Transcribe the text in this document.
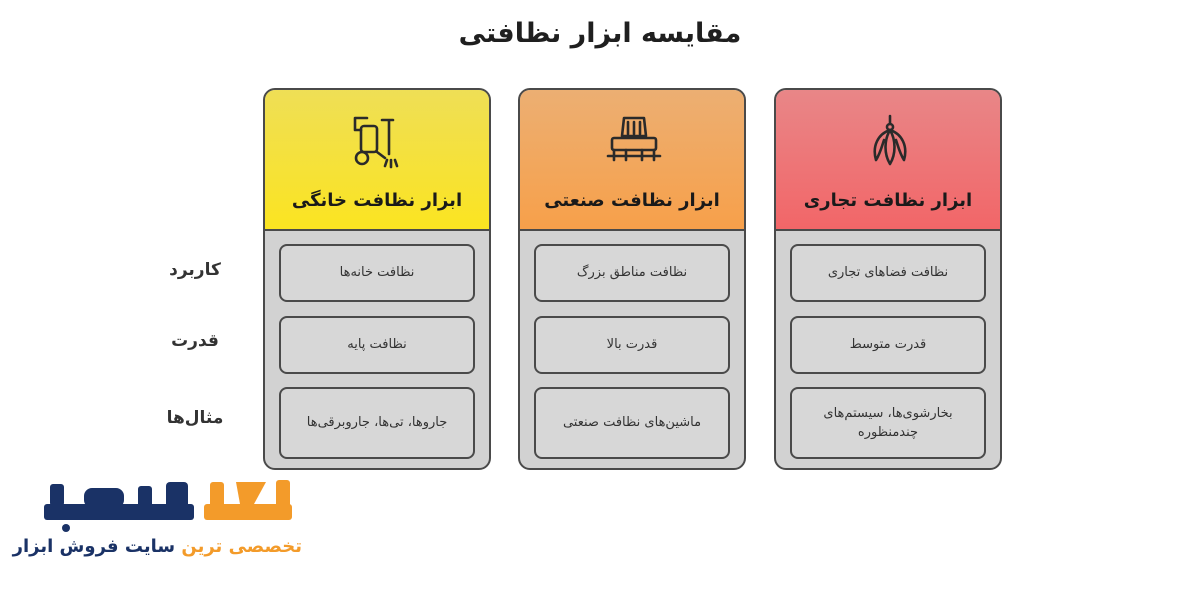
مقایسه ابزار نظافتی
کاربرد
قدرت
مثال‌ها
ابزار نظافت خانگی
نظافت خانه‌ها
نظافت پایه
جاروها، تی‌ها، جاروبرقی‌ها
ابزار نظافت صنعتی
نظافت مناطق بزرگ
قدرت بالا
ماشین‌های نظافت صنعتی
ابزار نظافت تجاری
نظافت فضاهای تجاری
قدرت متوسط
بخارشوی‌ها، سیستم‌های چندمنظوره
تخصصی ترین سایت فروش ابزار
